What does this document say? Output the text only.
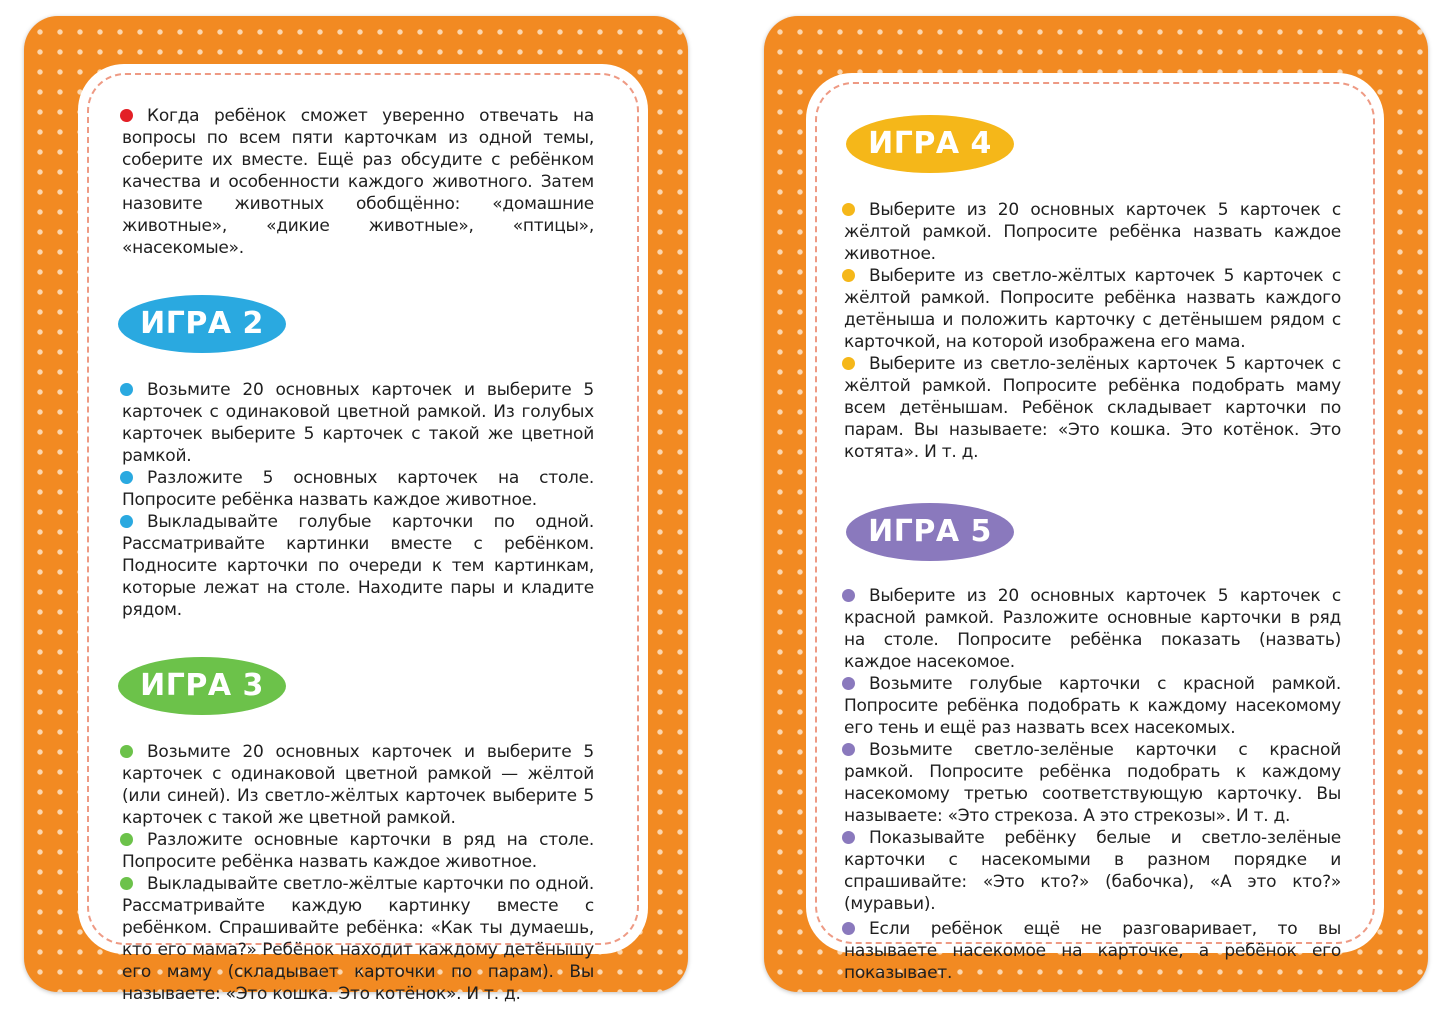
Когда ребёнок сможет уверенно отвечать на вопросы по всем пяти карточкам из одной темы, соберите их вместе. Ещё раз обсудите с ребёнком качества и особенности каждого животного. Затем назовите животных обобщённо: «домашние животные», «дикие животные», «птицы», «насекомые».

ИГРА 2

Возьмите 20 основных карточек и выберите 5 карточек с одинаковой цветной рамкой. Из голубых карточек выберите 5 карточек с такой же цветной рамкой.

Разложите 5 основных карточек на столе. Попросите ребёнка назвать каждое животное.

Выкладывайте голубые карточки по одной. Рассматривайте картинки вместе с ребёнком. Подносите карточки по очереди к тем картинкам, которые лежат на столе. Находите пары и кладите рядом.

ИГРА 3

Возьмите 20 основных карточек и выберите 5 карточек с одинаковой цветной рамкой — жёлтой (или синей). Из светло-жёлтых карточек выберите 5 карточек с такой же цветной рамкой.

Разложите основные карточки в ряд на столе. Попросите ребёнка назвать каждое животное.

Выкладывайте светло-жёлтые карточки по одной. Рассматривайте каждую картинку вместе с ребёнком. Спрашивайте ребёнка: «Как ты думаешь, кто его мама?» Ребёнок находит каждому детёнышу его маму (складывает карточки по парам). Вы называете: «Это кошка. Это котёнок». И т. д.

ИГРА 4

Выберите из 20 основных карточек 5 карточек с жёлтой рамкой. Попросите ребёнка назвать каждое животное.

Выберите из светло-жёлтых карточек 5 карточек с жёлтой рамкой. Попросите ребёнка назвать каждого детёныша и положить карточку с детёнышем рядом с карточкой, на которой изображена его мама.

Выберите из светло-зелёных карточек 5 карточек с жёлтой рамкой. Попросите ребёнка подобрать маму всем детёнышам. Ребёнок складывает карточки по парам. Вы называете: «Это кошка. Это котёнок. Это котята». И т. д.

ИГРА 5

Выберите из 20 основных карточек 5 карточек с красной рамкой. Разложите основные карточки в ряд на столе. Попросите ребёнка показать (назвать) каждое насекомое.

Возьмите голубые карточки с красной рамкой. Попросите ребёнка подобрать к каждому насекомому его тень и ещё раз назвать всех насекомых.

Возьмите светло-зелёные карточки с красной рамкой. Попросите ребёнка подобрать к каждому насекомому третью соответствующую карточку. Вы называете: «Это стрекоза. А это стрекозы». И т. д.

Показывайте ребёнку белые и светло-зелёные карточки с насекомыми в разном порядке и спрашивайте: «Это кто?» (бабочка), «А это кто?» (муравьи).

Если ребёнок ещё не разговаривает, то вы называете насекомое на карточке, а ребёнок его показывает.
